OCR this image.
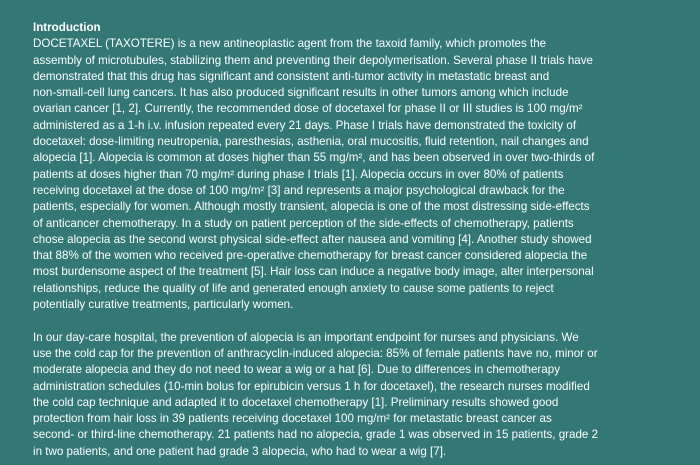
Introduction
DOCETAXEL (TAXOTERE) is a new antineoplastic agent from the taxoid family, which promotes the
assembly of microtubules, stabilizing them and preventing their depolymerisation. Several phase II trials have
demonstrated that this drug has significant and consistent anti-tumor activity in metastatic breast and
non-small-cell lung cancers. It has also produced significant results in other tumors among which include
ovarian cancer [1, 2]. Currently, the recommended dose of docetaxel for phase II or III studies is 100 mg/m²
administered as a 1-h i.v. infusion repeated every 21 days. Phase I trials have demonstrated the toxicity of
docetaxel: dose-limiting neutropenia, paresthesias, asthenia, oral mucositis, fluid retention, nail changes and
alopecia [1]. Alopecia is common at doses higher than 55 mg/m², and has been observed in over two-thirds of
patients at doses higher than 70 mg/m² during phase I trials [1]. Alopecia occurs in over 80% of patients
receiving docetaxel at the dose of 100 mg/m² [3] and represents a major psychological drawback for the
patients, especially for women. Although mostly transient, alopecia is one of the most distressing side-effects
of anticancer chemotherapy. In a study on patient perception of the side-effects of chemotherapy, patients
chose alopecia as the second worst physical side-effect after nausea and vomiting [4]. Another study showed
that 88% of the women who received pre-operative chemotherapy for breast cancer considered alopecia the
most burdensome aspect of the treatment [5]. Hair loss can induce a negative body image, alter interpersonal
relationships, reduce the quality of life and generated enough anxiety to cause some patients to reject
potentially curative treatments, particularly women.
In our day-care hospital, the prevention of alopecia is an important endpoint for nurses and physicians. We
use the cold cap for the prevention of anthracyclin-induced alopecia: 85% of female patients have no, minor or
moderate alopecia and they do not need to wear a wig or a hat [6]. Due to differences in chemotherapy
administration schedules (10-min bolus for epirubicin versus 1 h for docetaxel), the research nurses modified
the cold cap technique and adapted it to docetaxel chemotherapy [1]. Preliminary results showed good
protection from hair loss in 39 patients receiving docetaxel 100 mg/m² for metastatic breast cancer as
second- or third-line chemotherapy. 21 patients had no alopecia, grade 1 was observed in 15 patients, grade 2
in two patients, and one patient had grade 3 alopecia, who had to wear a wig [7].
